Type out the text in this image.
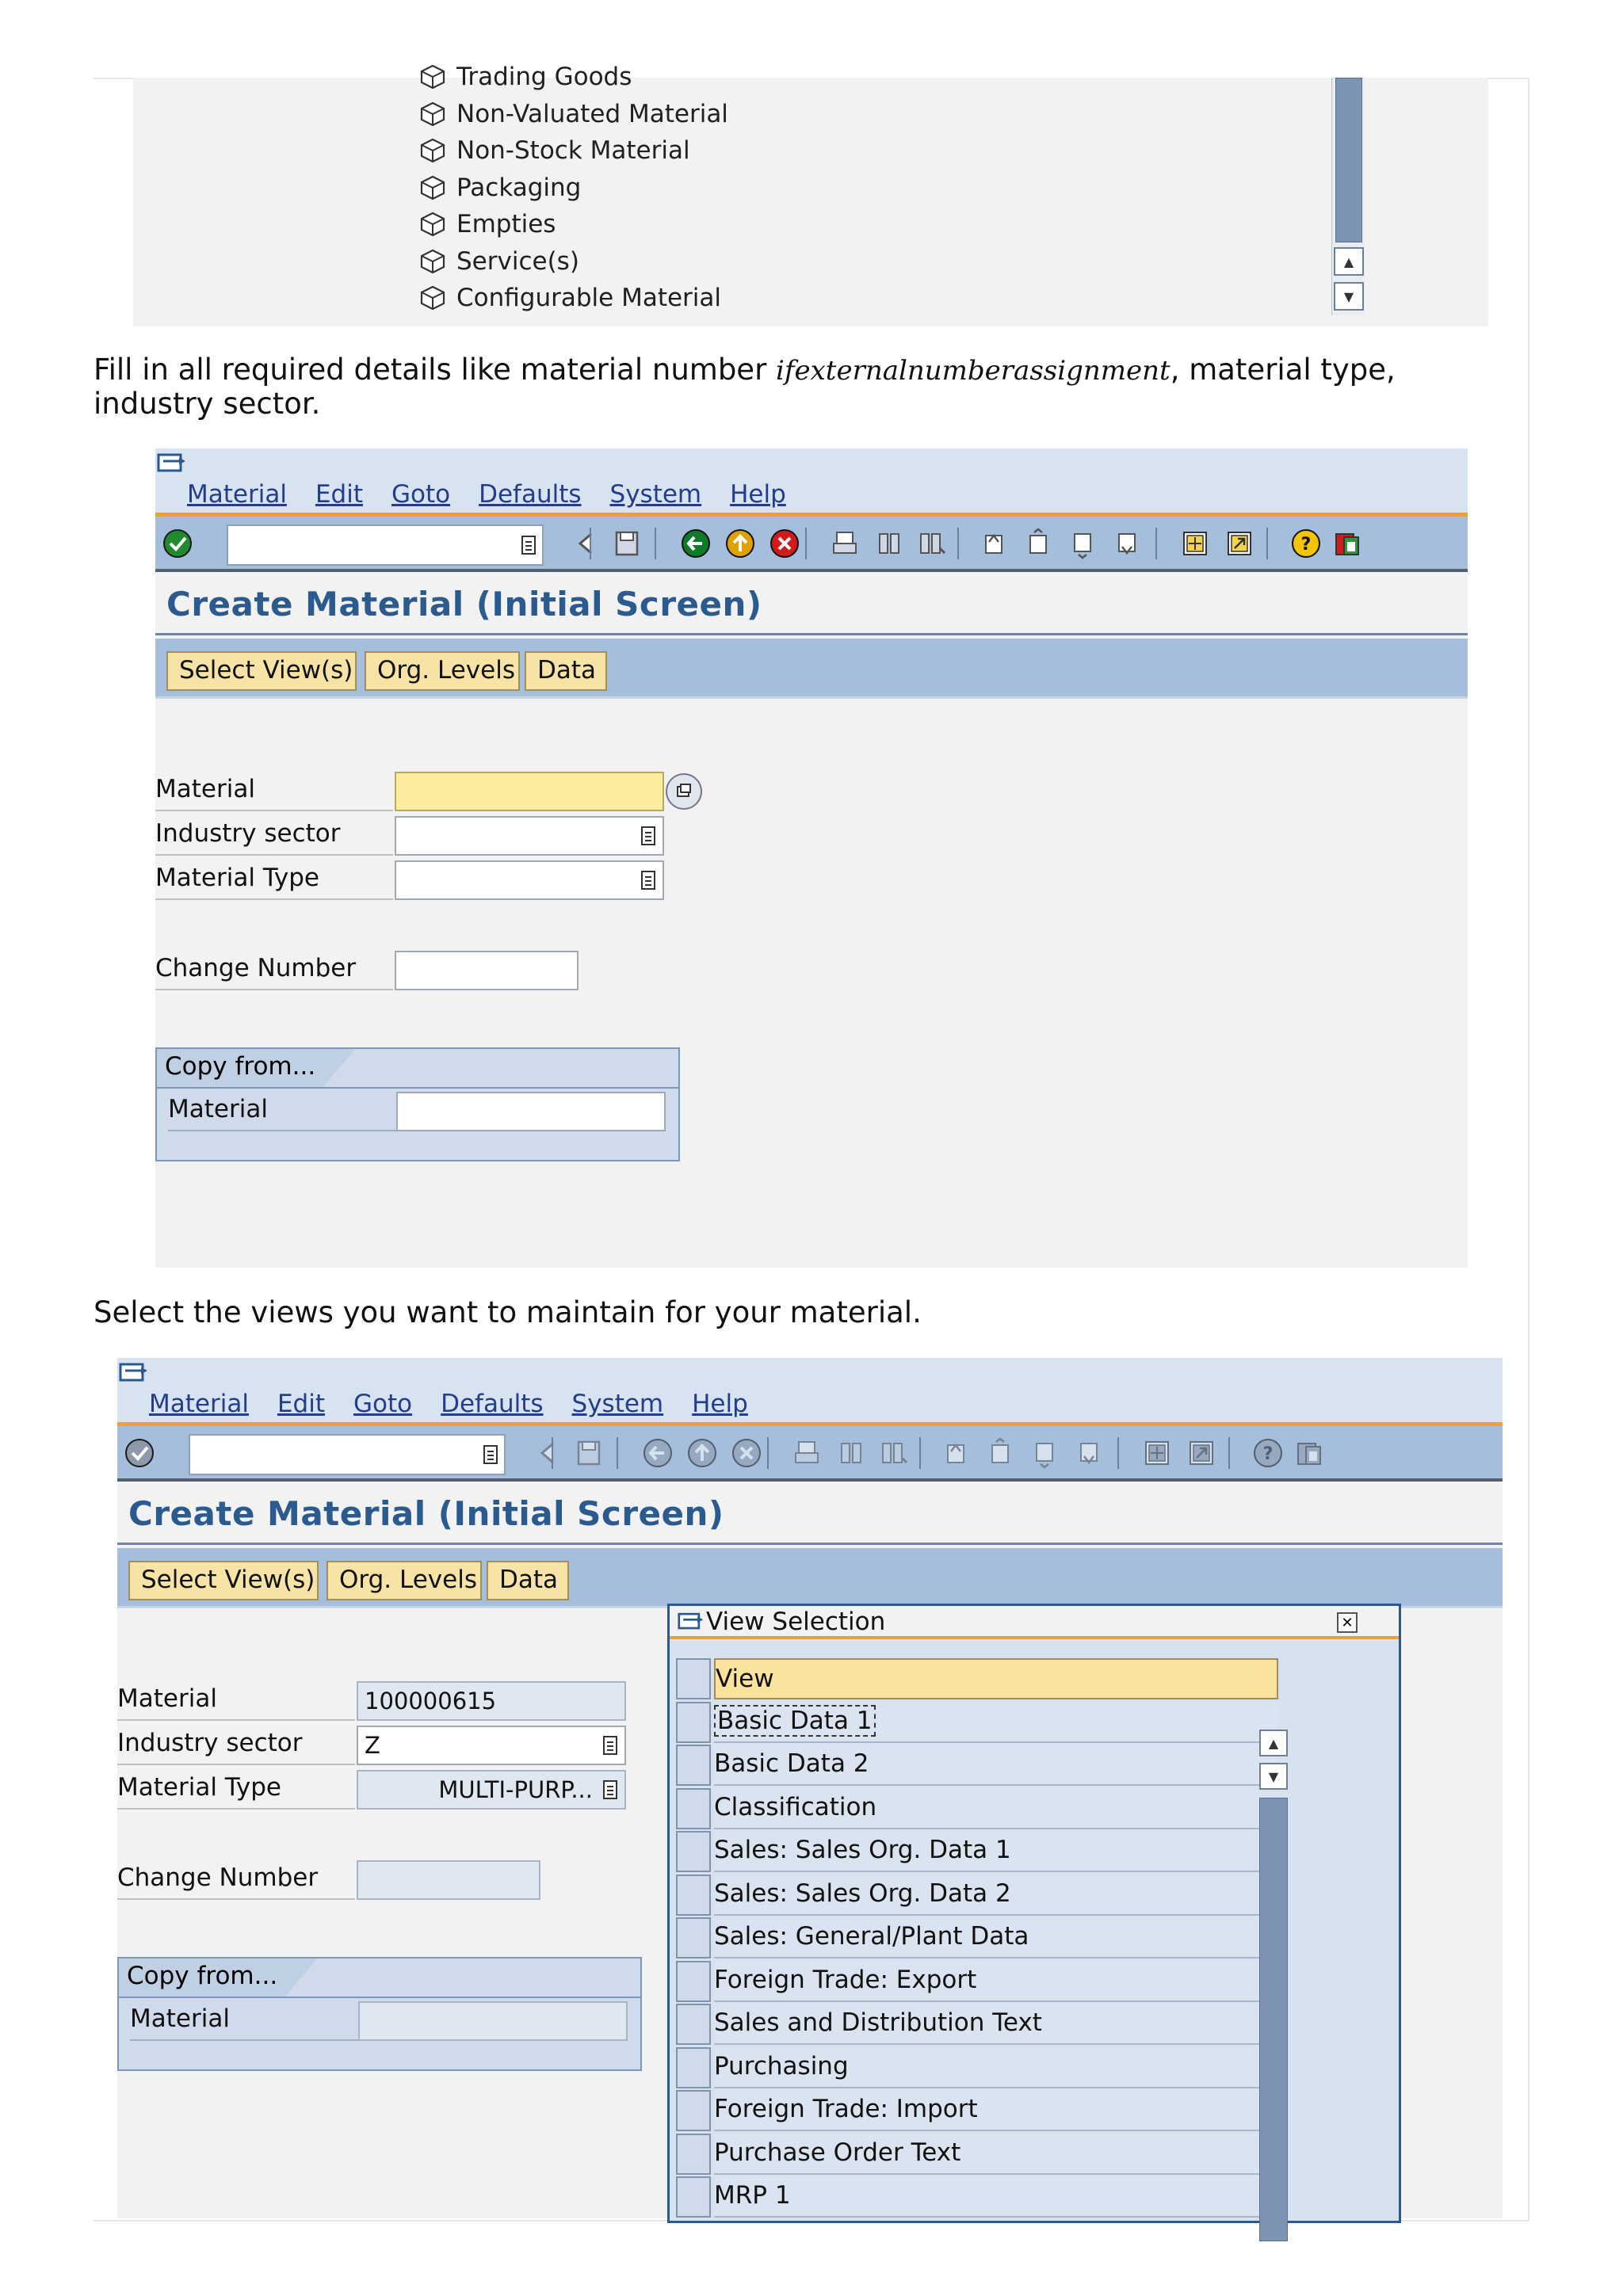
Trading Goods
Non-Valuated Material
Non-Stock Material
Packaging
Empties
Service(s)
Configurable Material
▲
▼
Fill in all required details like material number ifexternalnumberassignment, material type, industry sector.
Material Edit Goto Defaults System Help
?
Create Material (Initial Screen)
Select View(s) Org. Levels Data
Material
Industry sector
Material Type
Change Number
Copy from...
Material
Select the views you want to maintain for your material.
Material Edit Goto Defaults System Help
?
Create Material (Initial Screen)
Select View(s) Org. Levels Data
Material	100000615
Industry sector	Z
Material Type	MULTI-PURP...
Change Number
Copy from...
Material
View Selection	✕
View
Basic Data 1
Basic Data 2
Classification
Sales: Sales Org. Data 1
Sales: Sales Org. Data 2
Sales: General/Plant Data
Foreign Trade: Export
Sales and Distribution Text
Purchasing
Foreign Trade: Import
Purchase Order Text
MRP 1
▲
▼
